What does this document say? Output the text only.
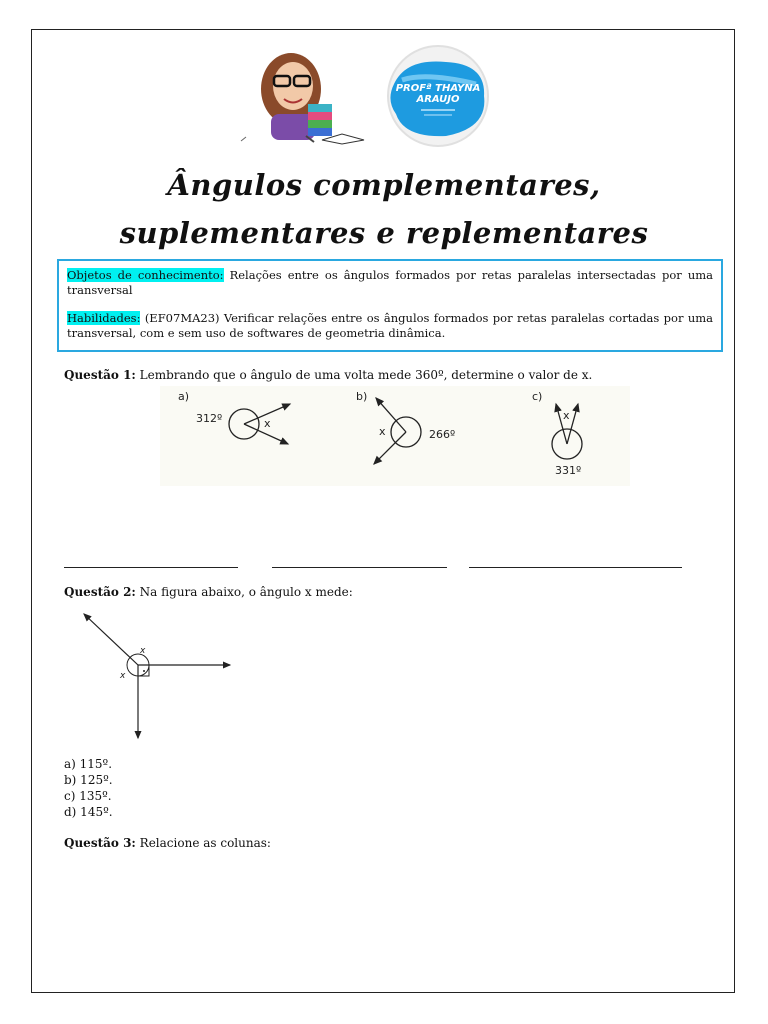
PROFª THAYNA
ARAUJO
Ângulos complementares,
suplementares e replementares

Objetos de conhecimento: Relações entre os ângulos formados por retas paralelas intersectadas por uma transversal

Habilidades: (EF07MA23) Verificar relações entre os ângulos formados por retas paralelas cortadas por uma transversal, com e sem uso de softwares de geometria dinâmica.

Questão 1: Lembrando que o ângulo de uma volta mede 360º, determine o valor de x.
a)
312º	x
b)
x	266º
c)
x
331º
Questão 2: Na figura abaixo, o ângulo x mede:
x
x
a) 115º.
b) 125º.
c) 135º.
d) 145º.
Questão 3: Relacione as colunas:
